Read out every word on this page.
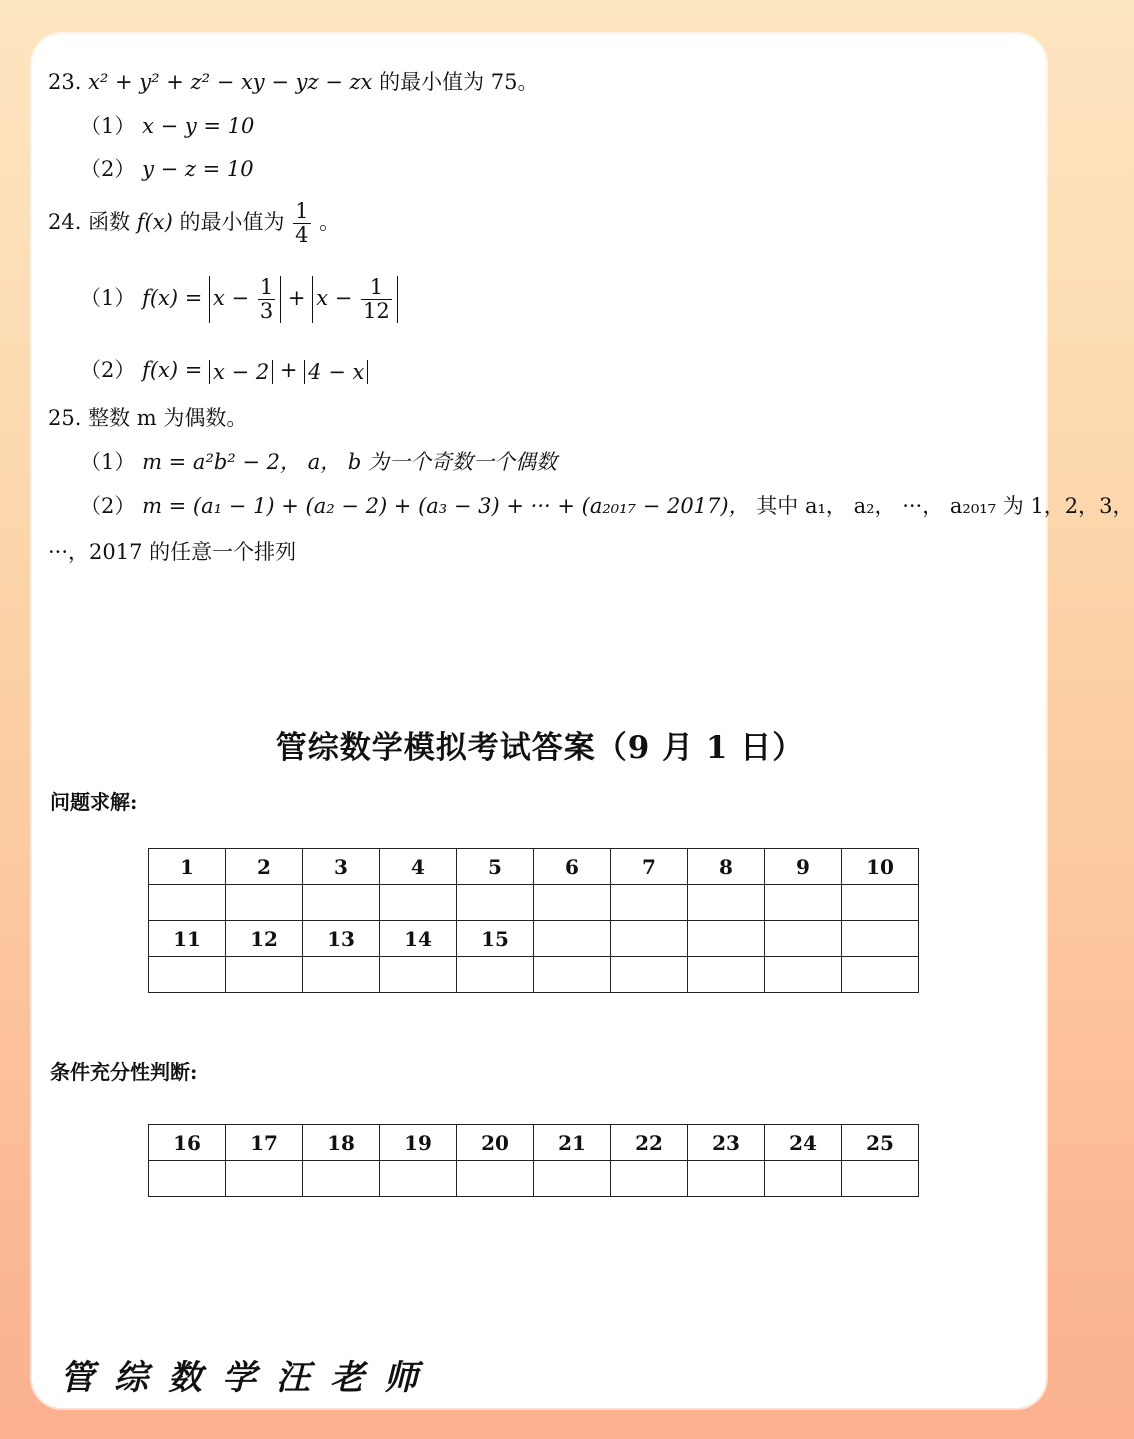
23. x² + y² + z² − xy − yz − zx 的最小值为 75。
（1） x − y = 10
（2） y − z = 10
24. 函数 f(x) 的最小值为 $\frac{1}{4}$ 。
（1） $f(x) = x - \frac{1}{3} + x - \frac{1}{12}$
（2） f(x) = x − 2 + 4 − x
25. 整数 m 为偶数。
（1） m = a²b² − 2， a， b 为一个奇数一个偶数
（2） m = (a₁ − 1) + (a₂ − 2) + (a₃ − 3) + ··· + (a₂₀₁₇ − 2017)， 其中 a₁， a₂， ···， a₂₀₁₇ 为 1，2，3，
···，2017 的任意一个排列
管综数学模拟考试答案（9 月 1 日）
问题求解:
1	2	3	4	5	6	7	8	9	10

11	12	13	14	15					

条件充分性判断:
16	17	18	19	20	21	22	23	24	25

管综数学汪老师
